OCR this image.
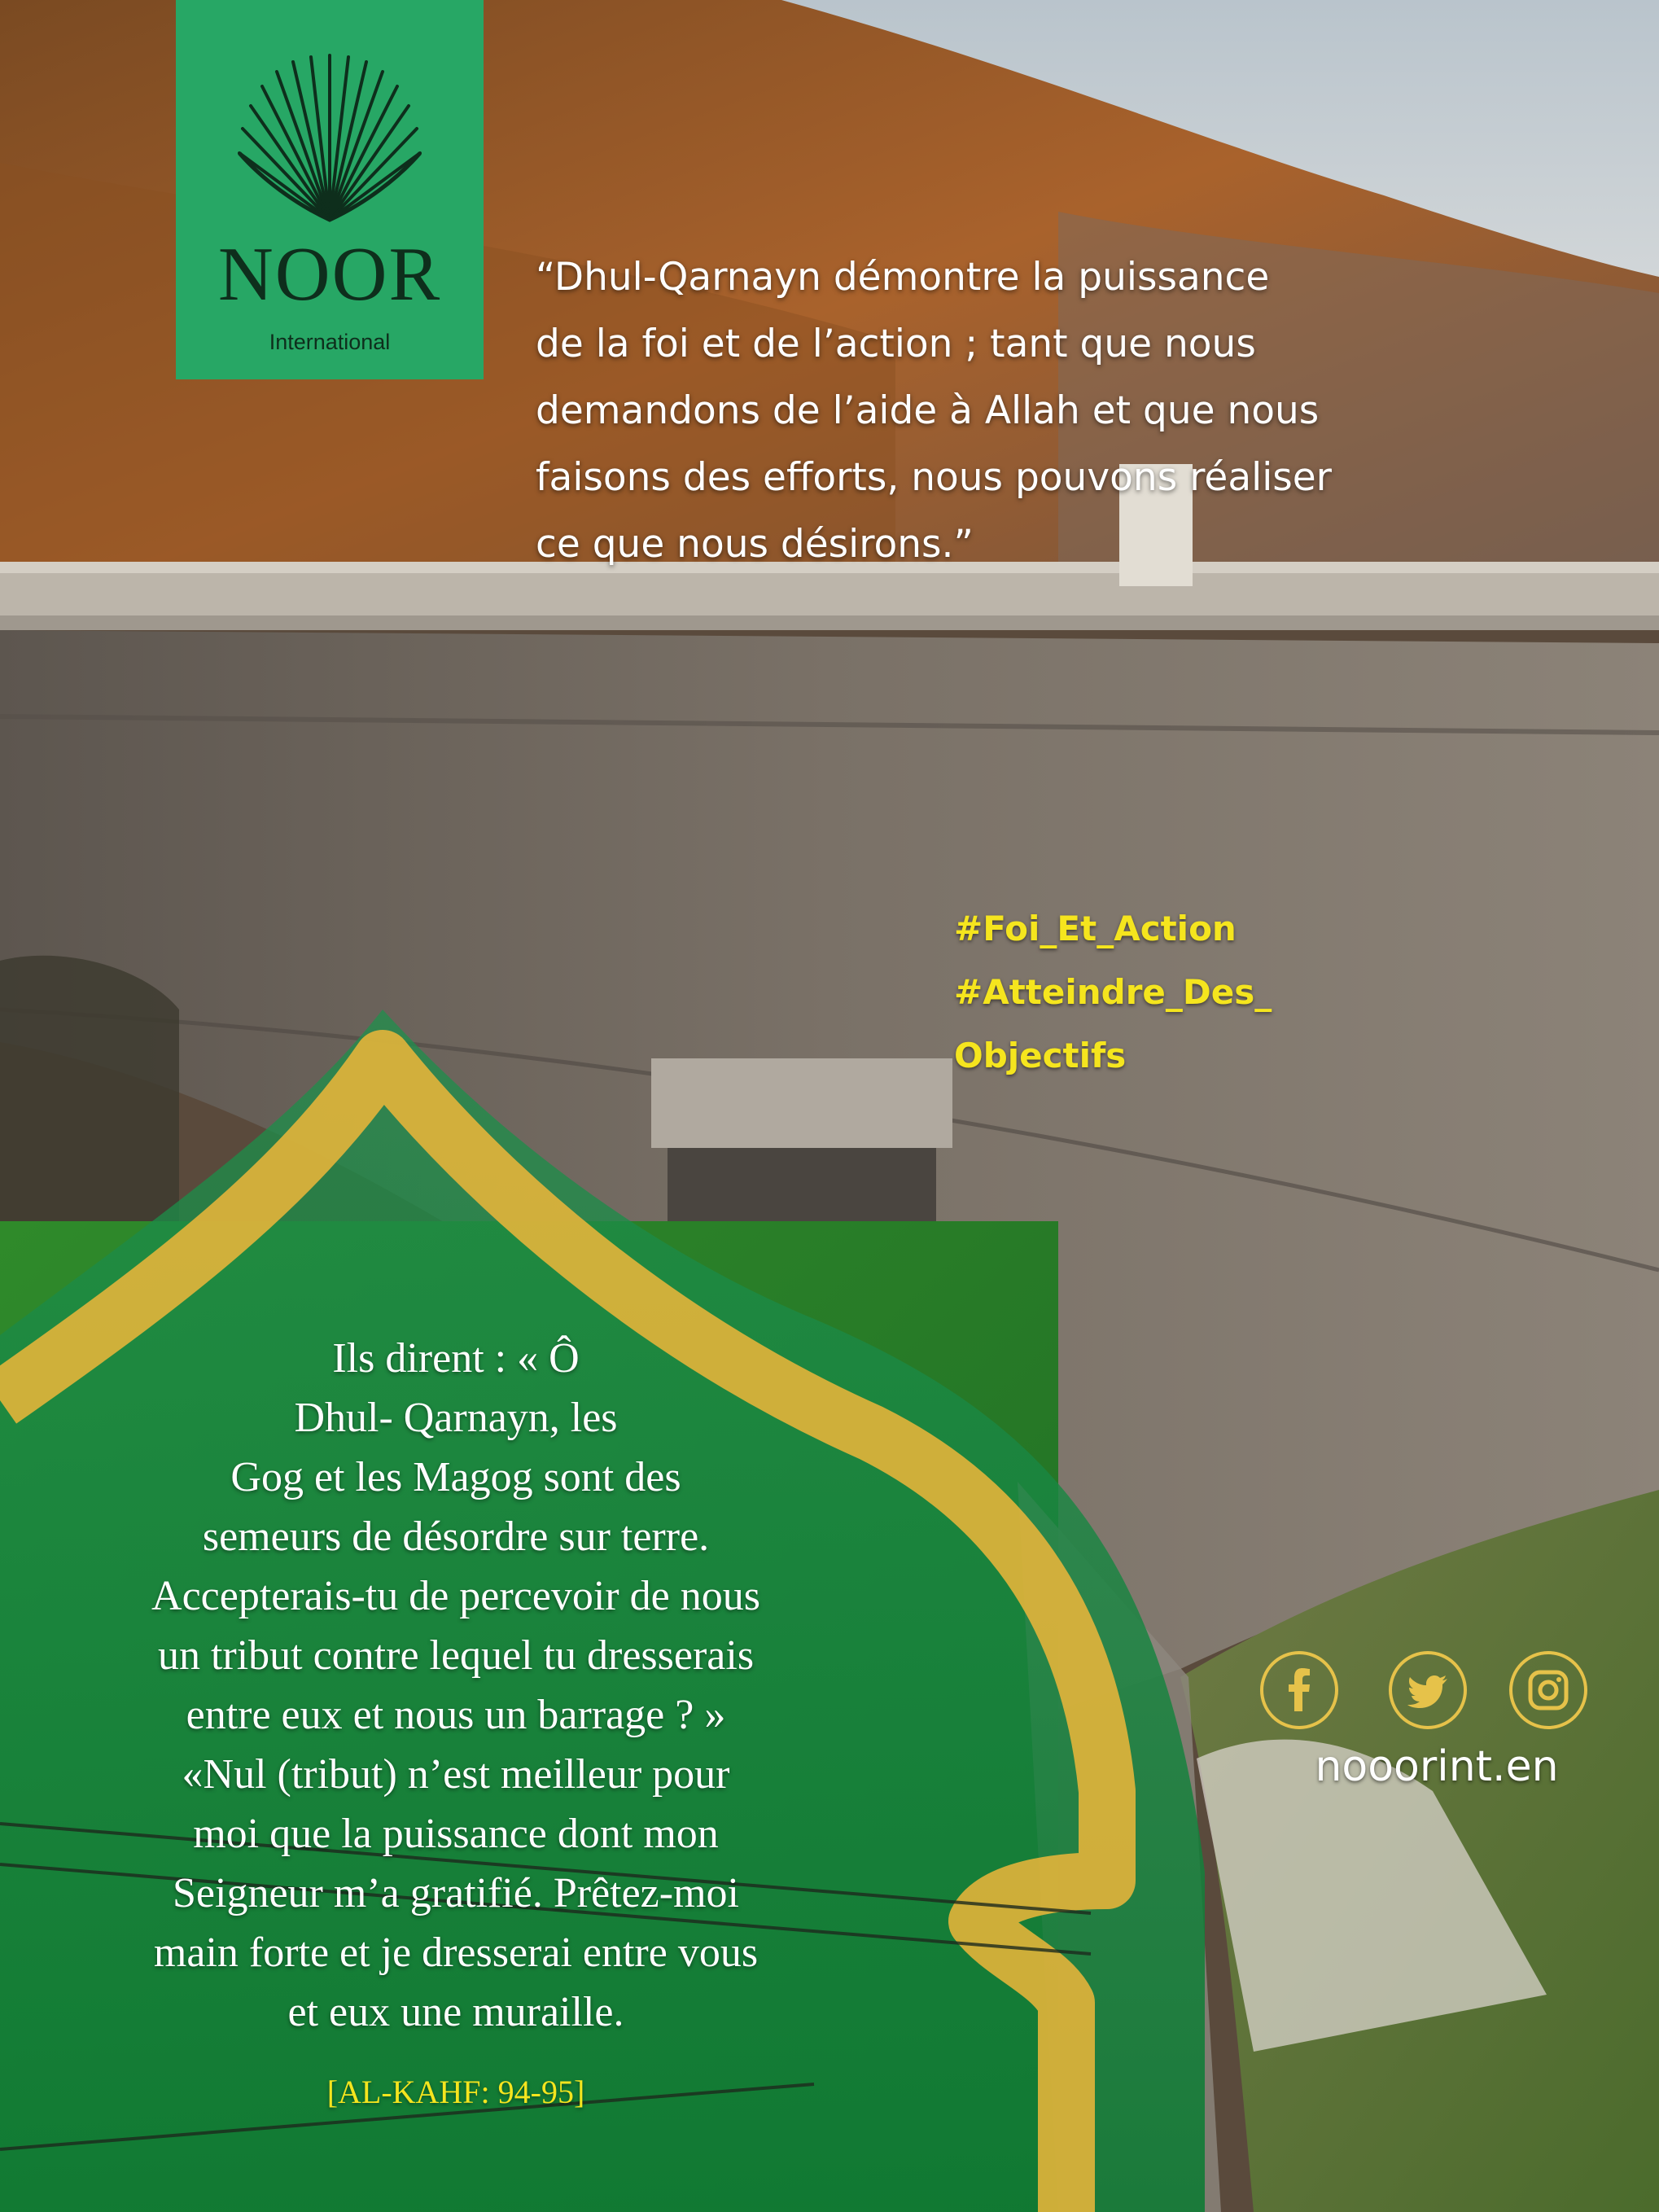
NOOR
International
“Dhul-Qarnayn démontre la puissance
de la foi et de l’action ; tant que nous
demandons de l’aide à Allah et que nous
faisons des efforts, nous pouvons réaliser
ce que nous désirons.”
#Foi_Et_Action
#Atteindre_Des_
Objectifs
Ils dirent : « Ô
Dhul- Qarnayn, les
Gog et les Magog sont des
semeurs de désordre sur terre.
Accepterais-tu de percevoir de nous
un tribut contre lequel tu dresserais
entre eux et nous un barrage ? »
«Nul (tribut) n’est meilleur pour
moi que la puissance dont mon
Seigneur m’a gratifié. Prêtez-moi
main forte et je dresserai entre vous
et eux une muraille.
[AL-KAHF: 94-95]
nooorint.en
